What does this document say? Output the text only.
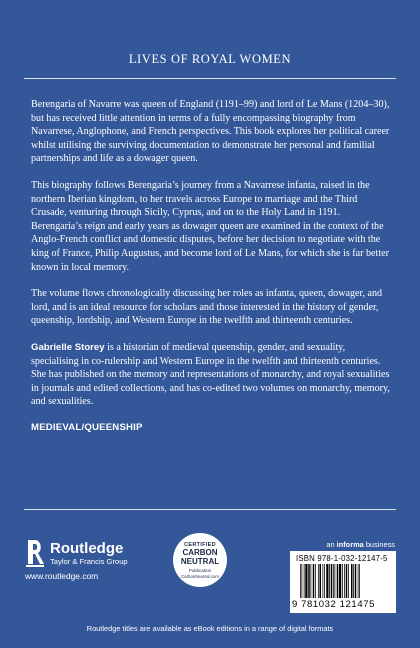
LIVES OF ROYAL WOMEN

Berengaria of Navarre was queen of England (1191–99) and lord of Le Mans (1204–30), but has received little attention in terms of a fully encompassing biography from Navarrese, Anglophone, and French perspectives. This book explores her political career whilst utilising the surviving documentation to demonstrate her personal and familial partnerships and life as a dowager queen.

This biography follows Berengaria’s journey from a Navarrese infanta, raised in the northern Iberian kingdom, to her travels across Europe to marriage and the Third Crusade, venturing through Sicily, Cyprus, and on to the Holy Land in 1191. Berengaria’s reign and early years as dowager queen are examined in the context of the Anglo-French conflict and domestic disputes, before her decision to negotiate with the king of France, Philip Augustus, and become lord of Le Mans, for which she is far better known in local memory.

The volume flows chronologically discussing her roles as infanta, queen, dowager, and lord, and is an ideal resource for scholars and those interested in the history of gender, queenship, lordship, and Western Europe in the twelfth and thirteenth centuries.

Gabrielle Storey is a historian of medieval queenship, gender, and sexuality, specialising in co-rulership and Western Europe in the twelfth and thirteenth centuries. She has published on the memory and representations of monarchy, and royal sexualities in journals and edited collections, and has co-edited two volumes on monarchy, memory, and sexualities.

MEDIEVAL/QUEENSHIP
Routledge
Taylor & Francis Group
www.routledge.com
CERTIFIED
CARBON
NEUTRAL
Publication
CarbonNeutral.com
an informa business
ISBN 978-1-032-12147-5
9 781032 121475
Routledge titles are available as eBook editions in a range of digital formats
